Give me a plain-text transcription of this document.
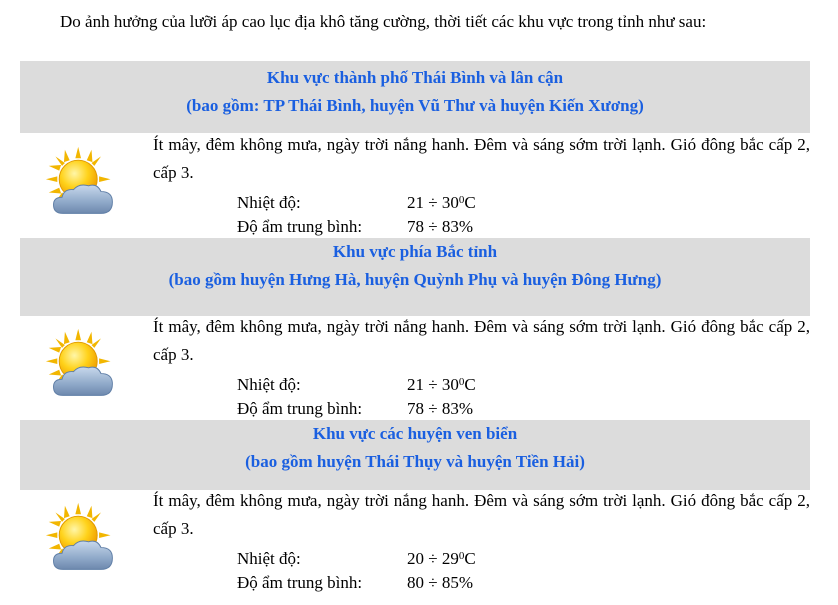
Do ảnh hưởng của lưỡi áp cao lục địa khô tăng cường, thời tiết các khu vực trong tỉnh như sau:
Khu vực thành phố Thái Bình và lân cận
(bao gồm: TP Thái Bình, huyện Vũ Thư và huyện Kiến Xương)
Ít mây, đêm không mưa, ngày trời nắng hanh. Đêm và sáng sớm trời lạnh. Gió đông bắc cấp 2, cấp 3.
Nhiệt độ:	$21 \div 30^0C$
Độ ẩm trung bình:	78 ÷ 83%
Khu vực phía Bắc tỉnh
(bao gồm huyện Hưng Hà, huyện Quỳnh Phụ và huyện Đông Hưng)
Ít mây, đêm không mưa, ngày trời nắng hanh. Đêm và sáng sớm trời lạnh. Gió đông bắc cấp 2, cấp 3.
Nhiệt độ:	$21 \div 30^0C$
Độ ẩm trung bình:	78 ÷ 83%
Khu vực các huyện ven biển
(bao gồm huyện Thái Thụy và huyện Tiền Hải)
Ít mây, đêm không mưa, ngày trời nắng hanh. Đêm và sáng sớm trời lạnh. Gió đông bắc cấp 2, cấp 3.
Nhiệt độ:	$20 \div 29^0C$
Độ ẩm trung bình:	80 ÷ 85%
